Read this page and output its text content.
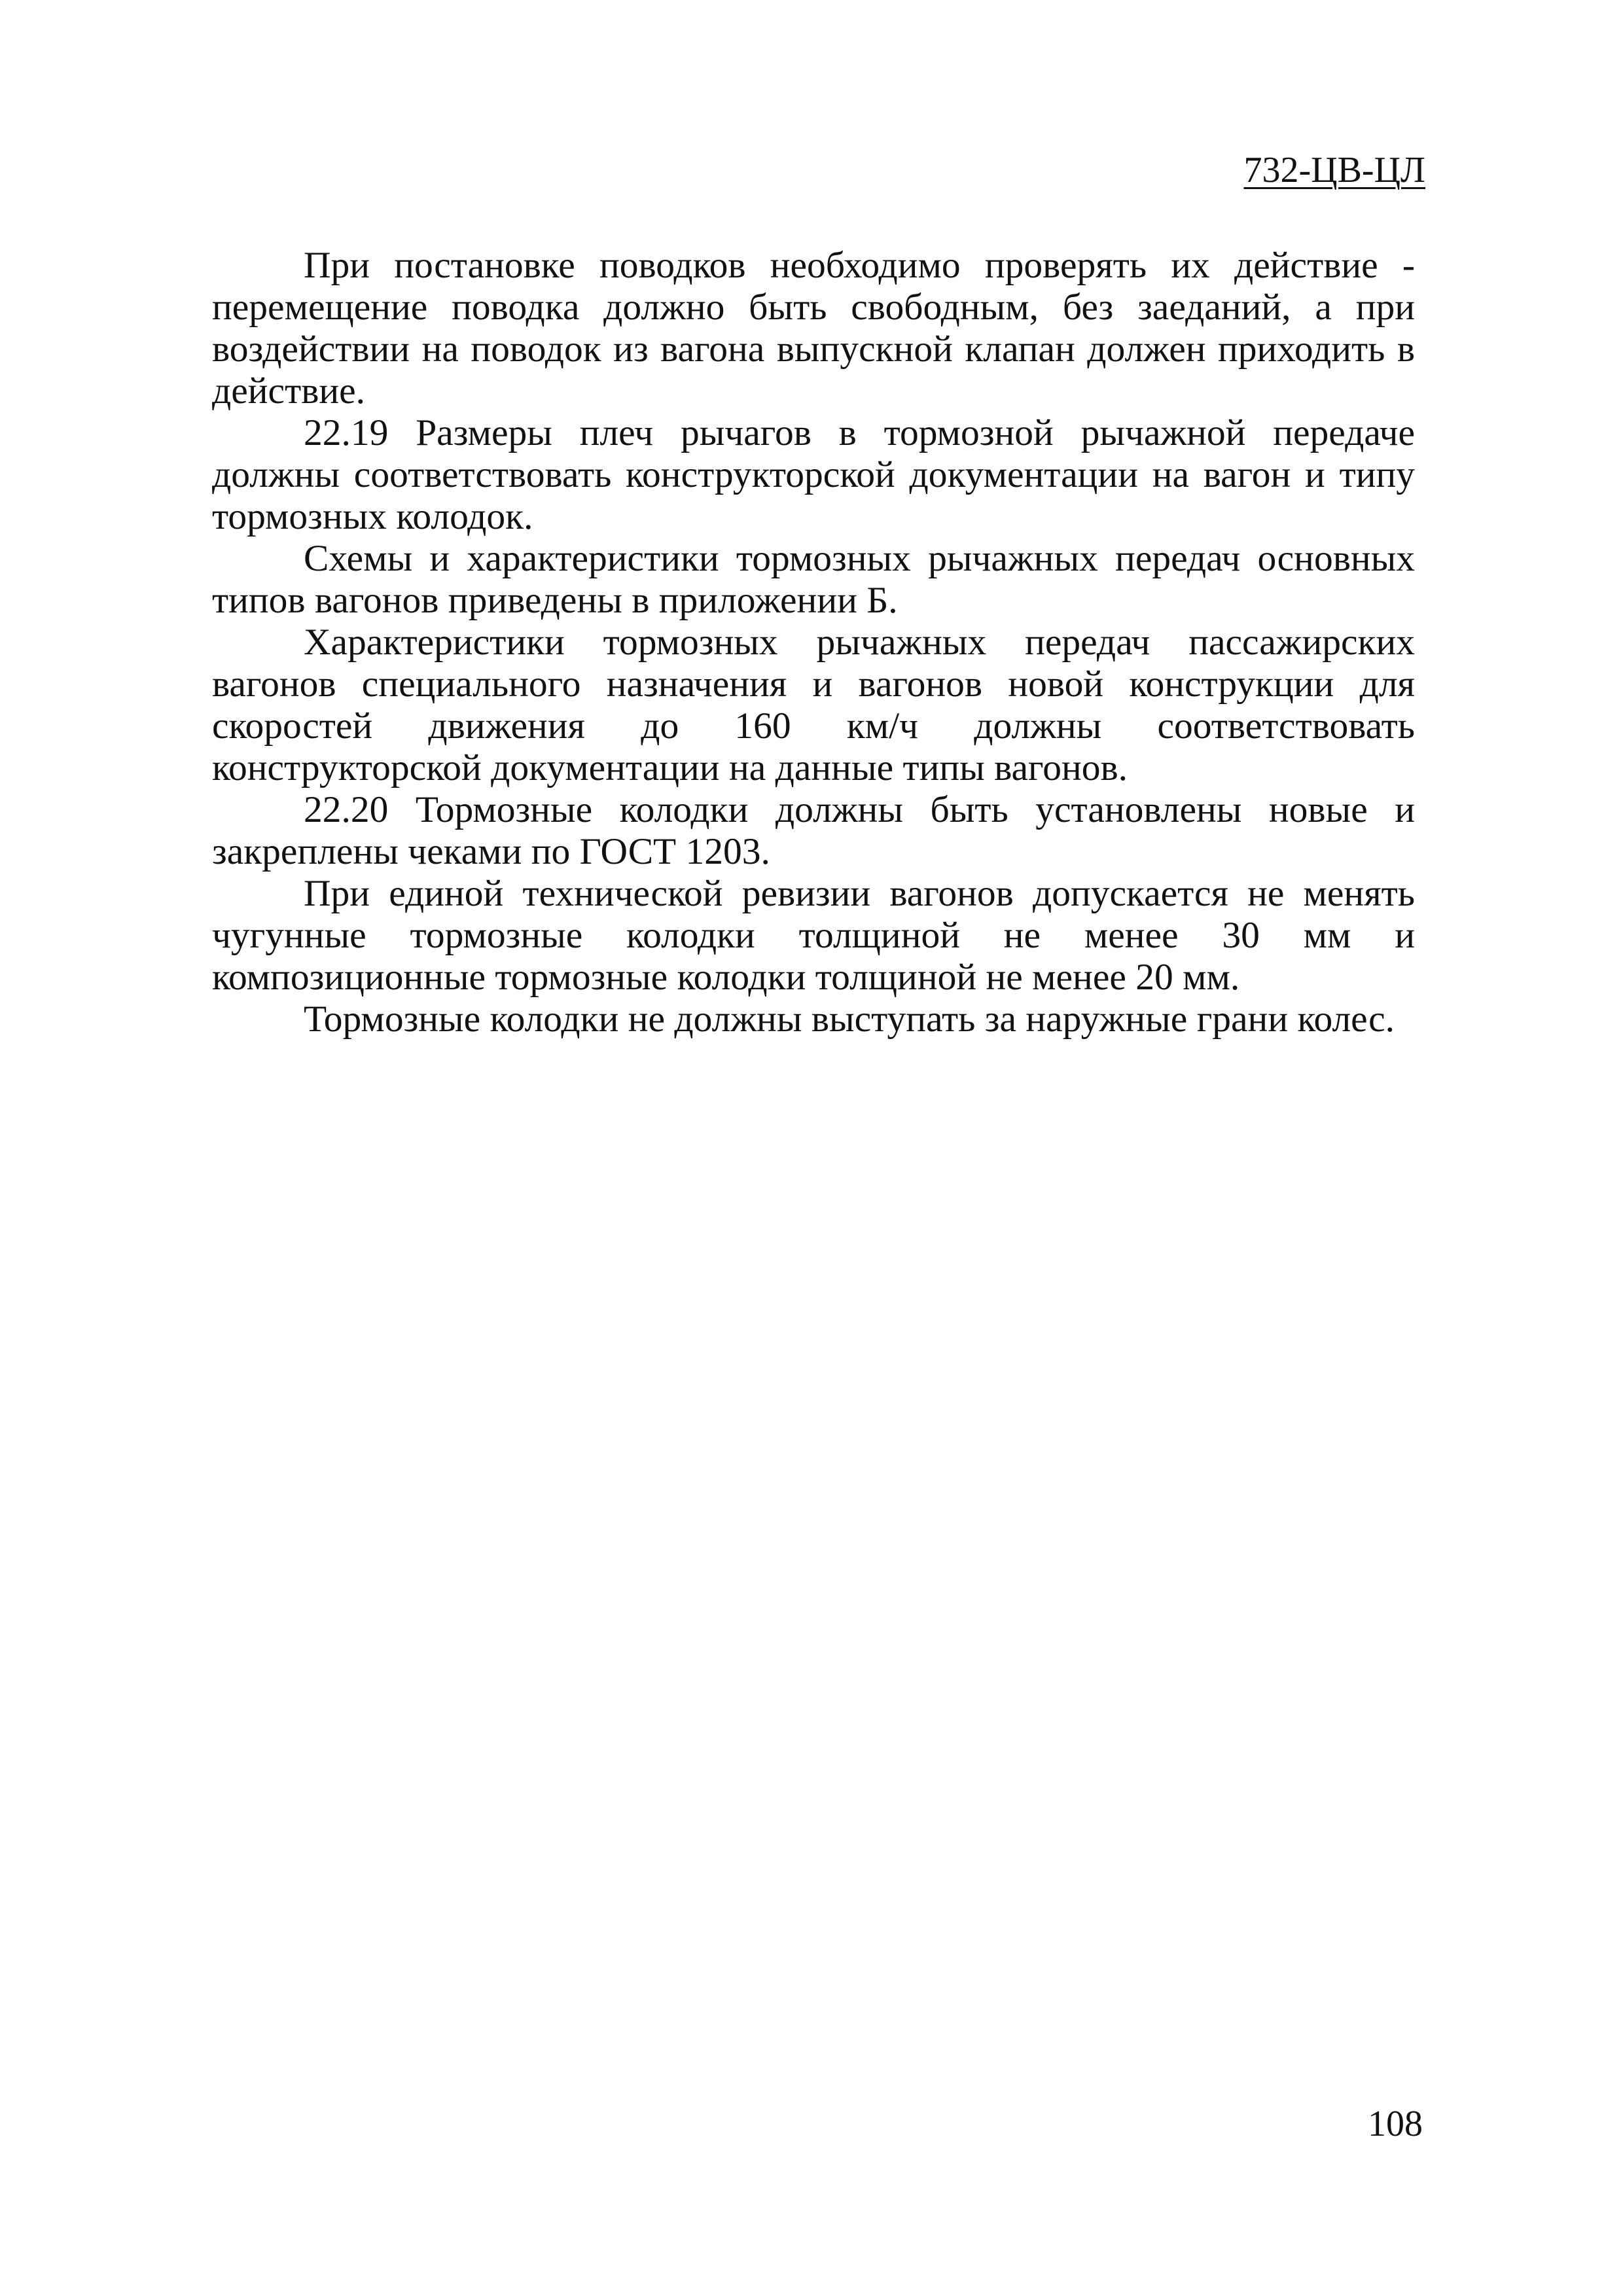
732-ЦВ-ЦЛ

При постановке поводков необходимо проверять их действие - перемещение поводка должно быть свободным, без заеданий, а при воздействии на поводок из вагона выпускной клапан должен приходить в действие.

22.19 Размеры плеч рычагов в тормозной рычажной передаче должны соответствовать конструкторской документации на вагон и типу тормозных колодок.

Схемы и характеристики тормозных рычажных передач основных типов вагонов приведены в приложении Б.

Характеристики тормозных рычажных передач пассажирских вагонов специального назначения и вагонов новой конструкции для скоростей движения до 160 км/ч должны соответствовать конструкторской документации на данные типы вагонов.

22.20 Тормозные колодки должны быть установлены новые и закреплены чеками по ГОСТ 1203.

При единой технической ревизии вагонов допускается не менять чугунные тормозные колодки толщиной не менее 30 мм и композиционные тормозные колодки толщиной не менее 20 мм.

Тормозные колодки не должны выступать за наружные грани колес.

108
